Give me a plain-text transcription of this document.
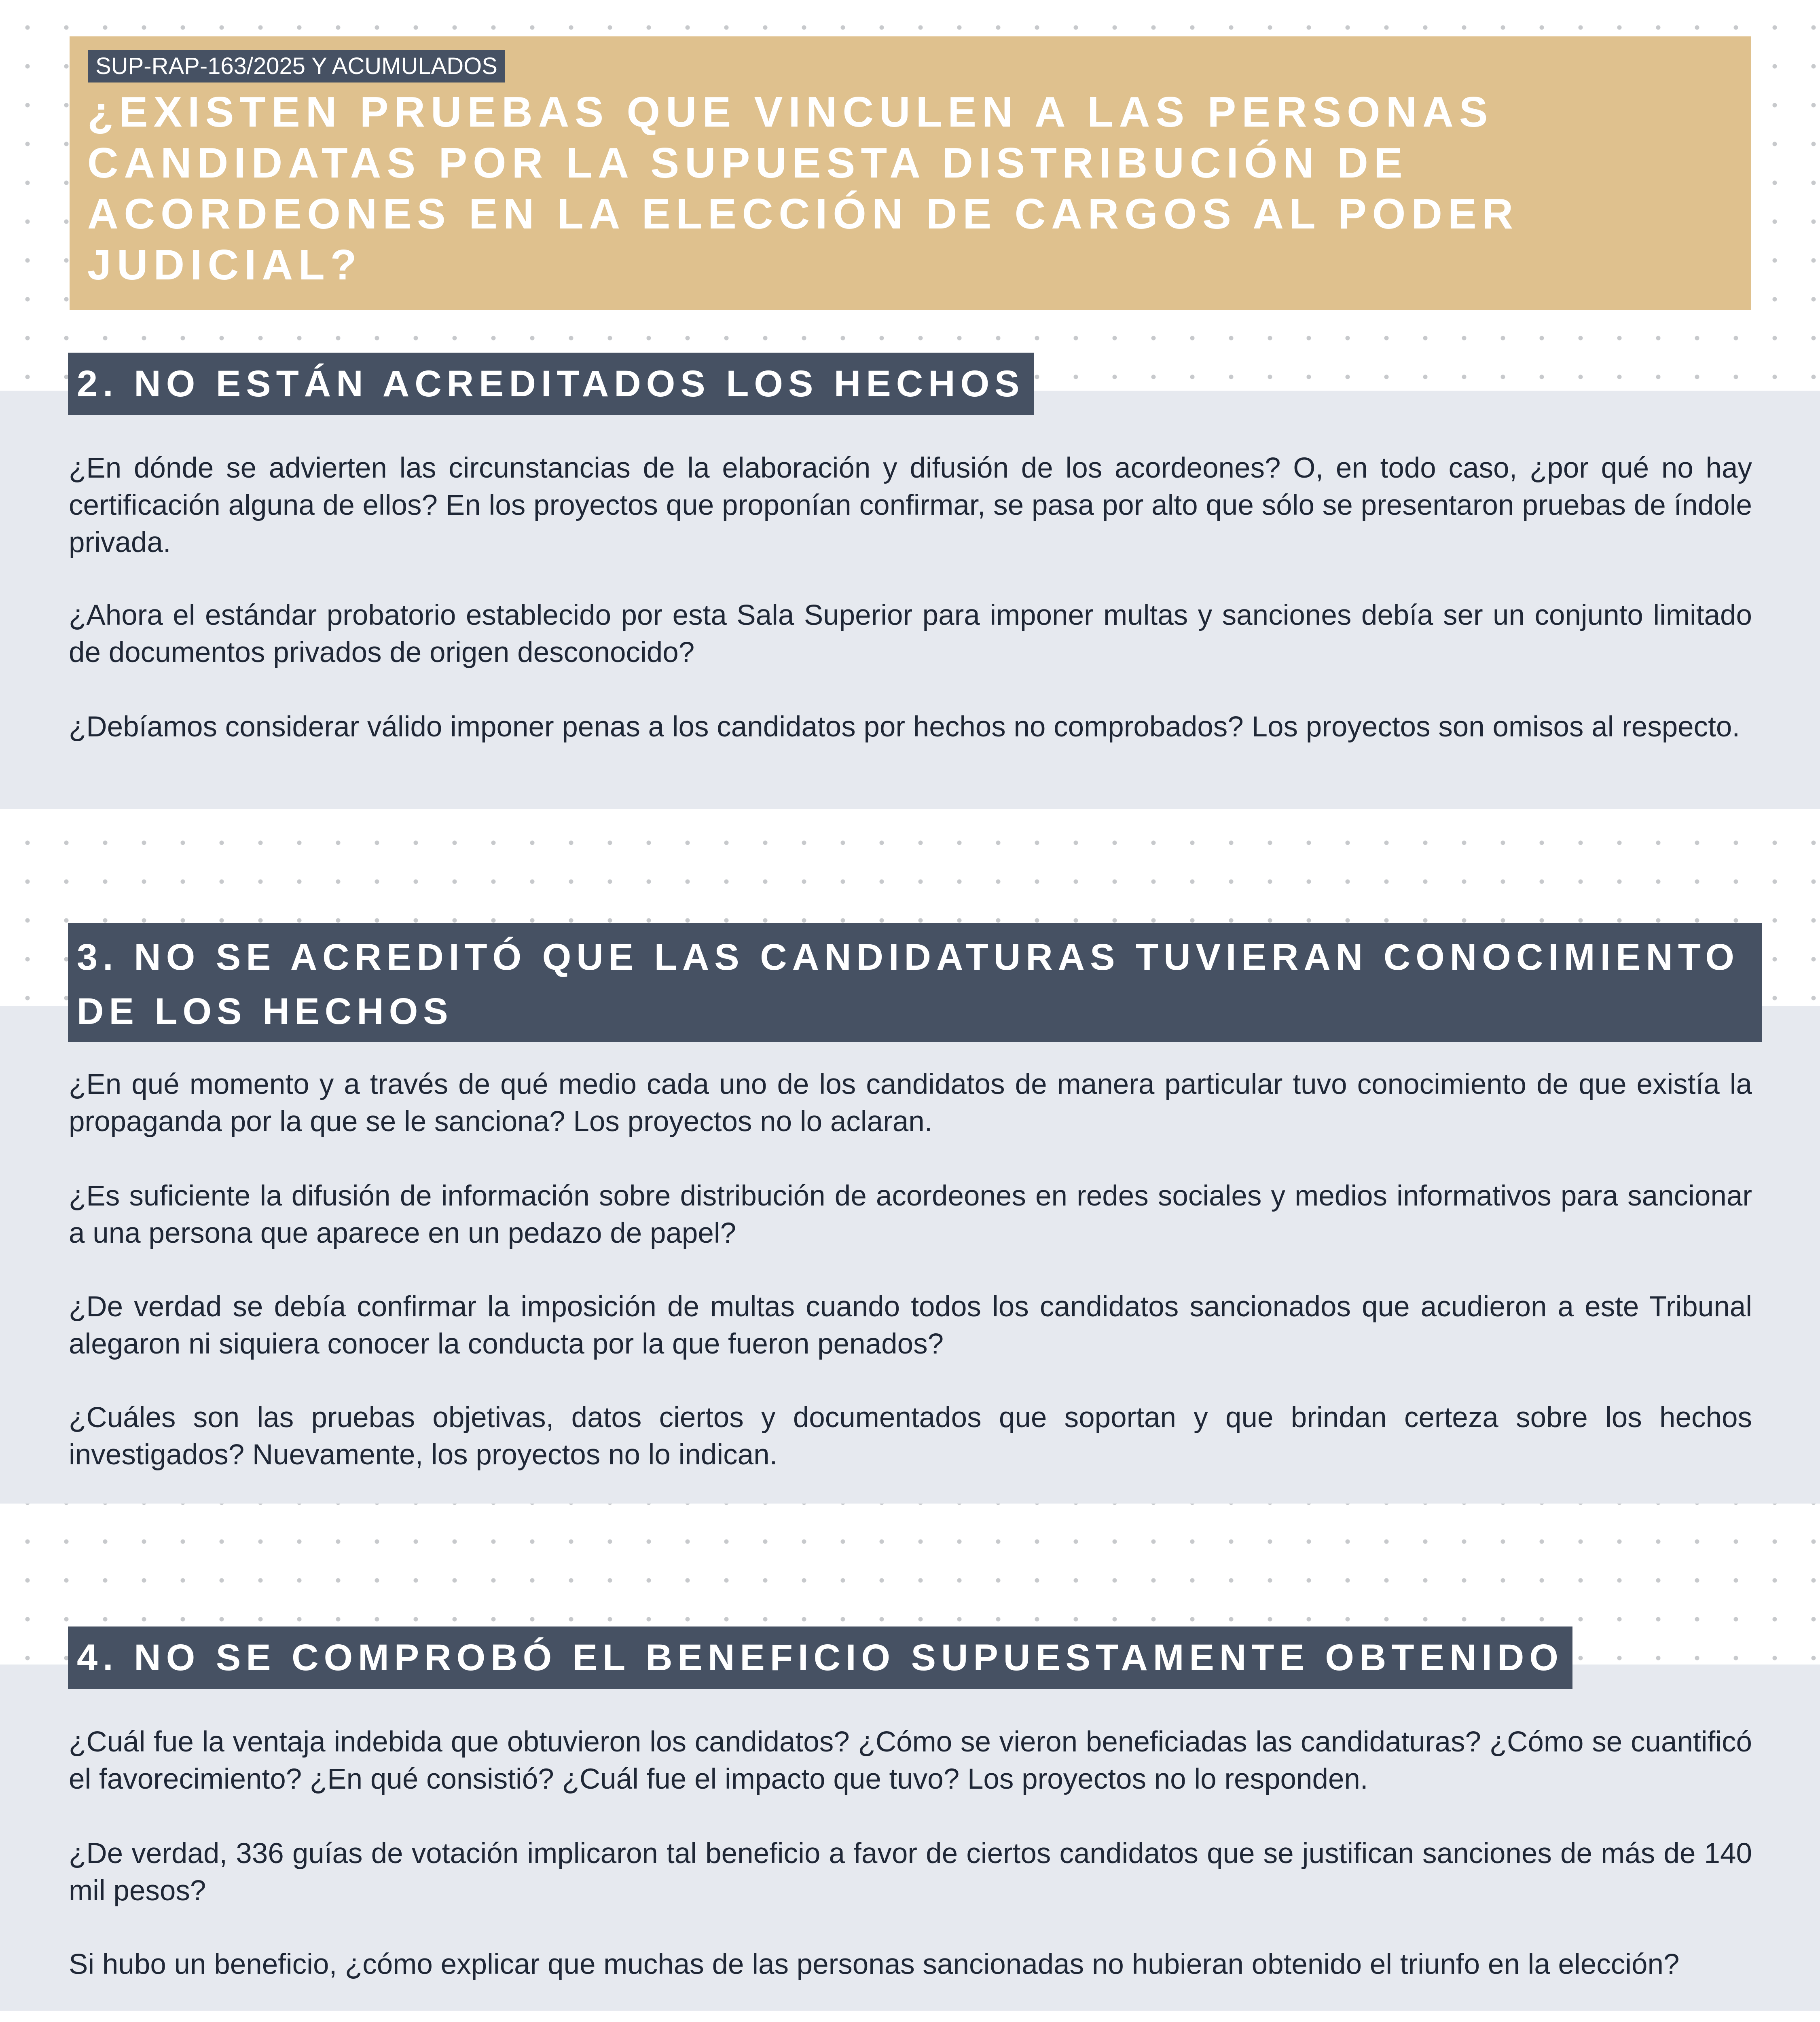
SUP-RAP-163/2025 Y ACUMULADOS
¿EXISTEN PRUEBAS QUE VINCULEN A LAS PERSONAS CANDIDATAS POR LA SUPUESTA DISTRIBUCIÓN DE ACORDEONES EN LA ELECCIÓN DE CARGOS AL PODER JUDICIAL?
2. NO ESTÁN ACREDITADOS LOS HECHOS

¿En dónde se advierten las circunstancias de la elaboración y difusión de los acordeones? O, en todo caso, ¿por qué no hay certificación alguna de ellos? En los proyectos que proponían confirmar, se pasa por alto que sólo se presentaron pruebas de índole privada.

¿Ahora el estándar probatorio establecido por esta Sala Superior para imponer multas y sanciones debía ser un conjunto limitado de documentos privados de origen desconocido?

¿Debíamos considerar válido imponer penas a los candidatos por hechos no comprobados? Los proyectos son omisos al respecto.

3. NO SE ACREDITÓ QUE LAS CANDIDATURAS TUVIERAN CONOCIMIENTO
DE LOS HECHOS

¿En qué momento y a través de qué medio cada uno de los candidatos de manera particular tuvo conocimiento de que existía la propaganda por la que se le sanciona? Los proyectos no lo aclaran.

¿Es suficiente la difusión de información sobre distribución de acordeones en redes sociales y medios informativos para sancionar a una persona que aparece en un pedazo de papel?

¿De verdad se debía confirmar la imposición de multas cuando todos los candidatos sancionados que acudieron a este Tribunal alegaron ni siquiera conocer la conducta por la que fueron penados?

¿Cuáles son las pruebas objetivas, datos ciertos y documentados que soportan y que brindan certeza sobre los hechos investigados? Nuevamente, los proyectos no lo indican.

4. NO SE COMPROBÓ EL BENEFICIO SUPUESTAMENTE OBTENIDO

¿Cuál fue la ventaja indebida que obtuvieron los candidatos? ¿Cómo se vieron beneficiadas las candidaturas? ¿Cómo se cuantificó el favorecimiento? ¿En qué consistió? ¿Cuál fue el impacto que tuvo? Los proyectos no lo responden.

¿De verdad, 336 guías de votación implicaron tal beneficio a favor de ciertos candidatos que se justifican sanciones de más de 140 mil pesos?

Si hubo un beneficio, ¿cómo explicar que muchas de las personas sancionadas no hubieran obtenido el triunfo en la elección?
